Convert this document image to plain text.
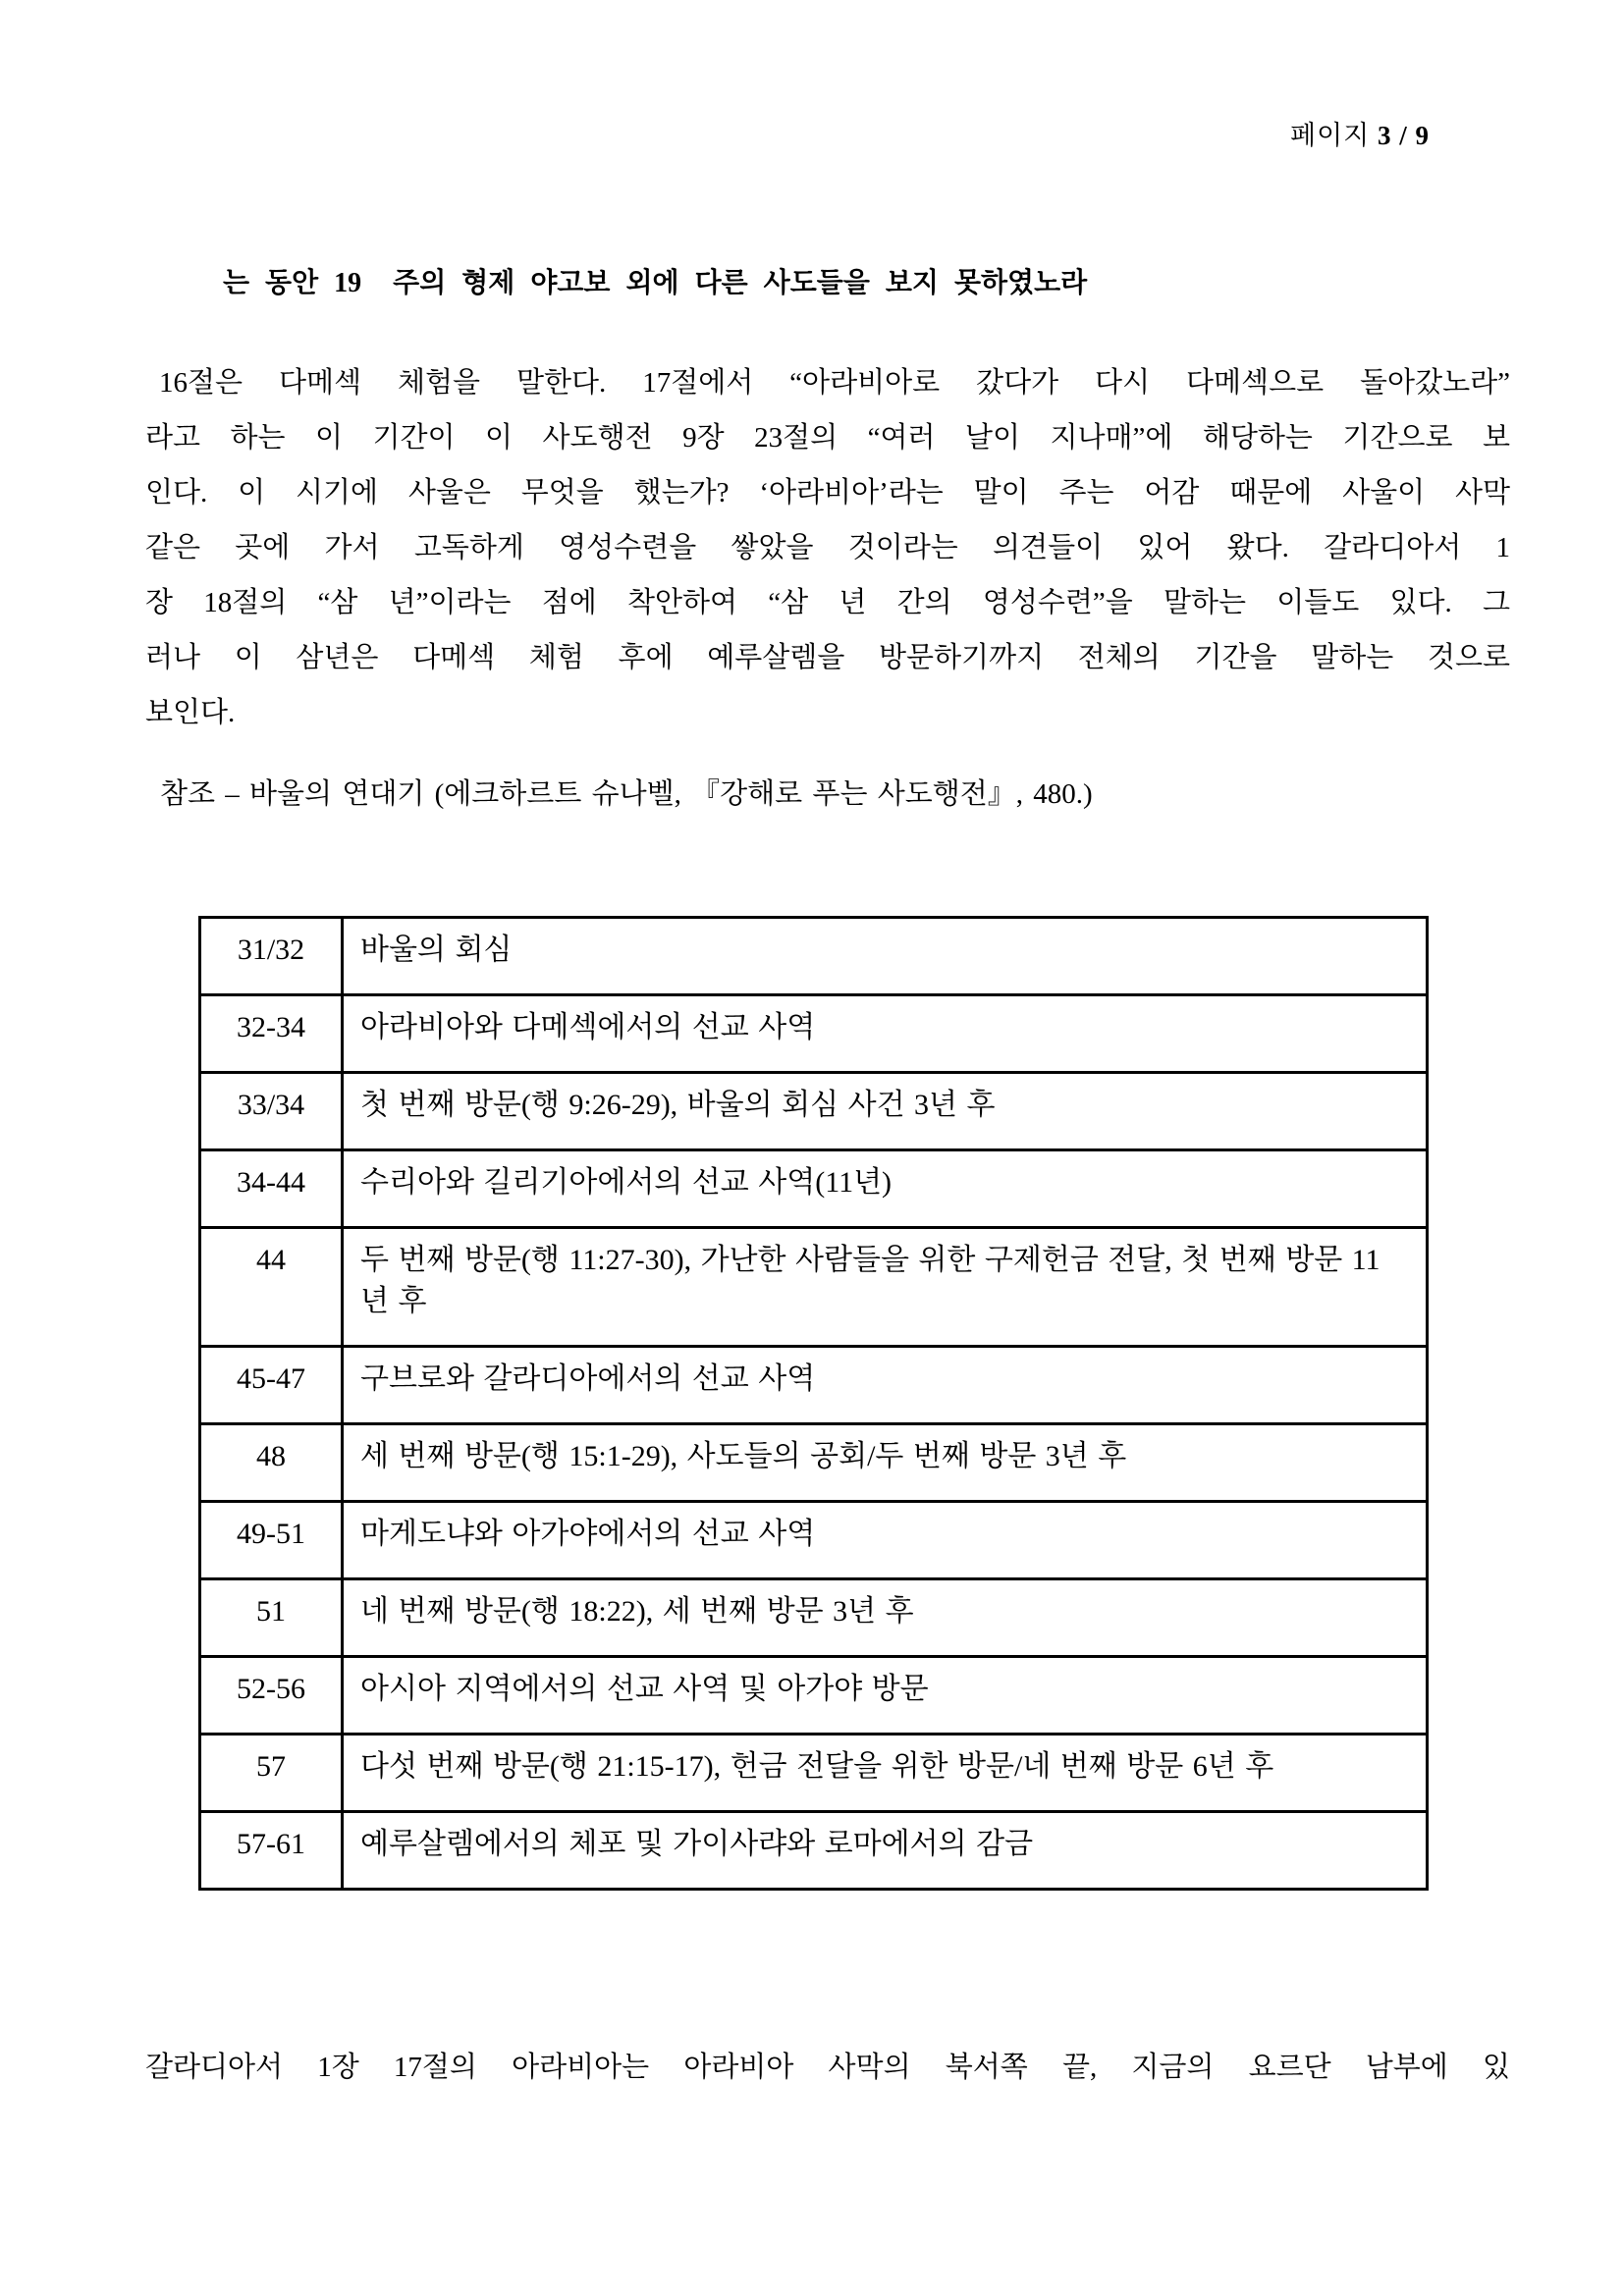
페이지 3 / 9
는 동안 19  주의 형제 야고보 외에 다른 사도들을 보지 못하였노라
16절은 다메섹 체험을 말한다. 17절에서 “아라비아로 갔다가 다시 다메섹으로 돌아갔노라”
라고 하는 이 기간이 이 사도행전 9장 23절의 “여러 날이 지나매”에 해당하는 기간으로 보
인다. 이 시기에 사울은 무엇을 했는가? ‘아라비아’라는 말이 주는 어감 때문에 사울이 사막
같은 곳에 가서 고독하게 영성수련을 쌓았을 것이라는 의견들이 있어 왔다. 갈라디아서 1
장 18절의 “삼 년”이라는 점에 착안하여 “삼 년 간의 영성수련”을 말하는 이들도 있다. 그
러나 이 삼년은 다메섹 체험 후에 예루살렘을 방문하기까지 전체의 기간을 말하는 것으로
보인다.
참조 – 바울의 연대기 (에크하르트 슈나벨, 『강해로 푸는 사도행전』, 480.)
31/32	바울의 회심
32-34	아라비아와 다메섹에서의 선교 사역
33/34	첫 번째 방문(행 9:26-29), 바울의 회심 사건 3년 후
34-44	수리아와 길리기아에서의 선교 사역(11년)
44	두 번째 방문(행 11:27-30), 가난한 사람들을 위한 구제헌금 전달, 첫 번째 방문 11년 후
45-47	구브로와 갈라디아에서의 선교 사역
48	세 번째 방문(행 15:1-29), 사도들의 공회/두 번째 방문 3년 후
49-51	마게도냐와 아가야에서의 선교 사역
51	네 번째 방문(행 18:22), 세 번째 방문 3년 후
52-56	아시아 지역에서의 선교 사역 및 아가야 방문
57	다섯 번째 방문(행 21:15-17), 헌금 전달을 위한 방문/네 번째 방문 6년 후
57-61	예루살렘에서의 체포 및 가이사랴와 로마에서의 감금
갈라디아서 1장 17절의 아라비아는 아라비아 사막의 북서쪽 끝, 지금의 요르단 남부에 있
